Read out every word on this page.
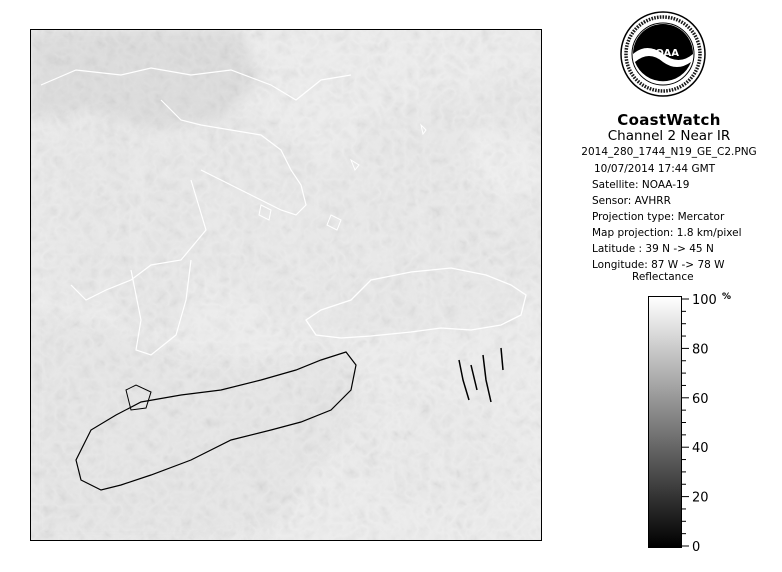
NOAA
CoastWatch
Channel 2 Near IR
2014_280_1744_N19_GE_C2.PNG
10/07/2014 17:44 GMT
Satellite: NOAA-19
Sensor: AVHRR
Projection type: Mercator
Map projection: 1.8 km/pixel
Latitude : 39 N -> 45 N
Longitude: 87 W -> 78 W
Reflectance
%
100
80
60
40
20
0
